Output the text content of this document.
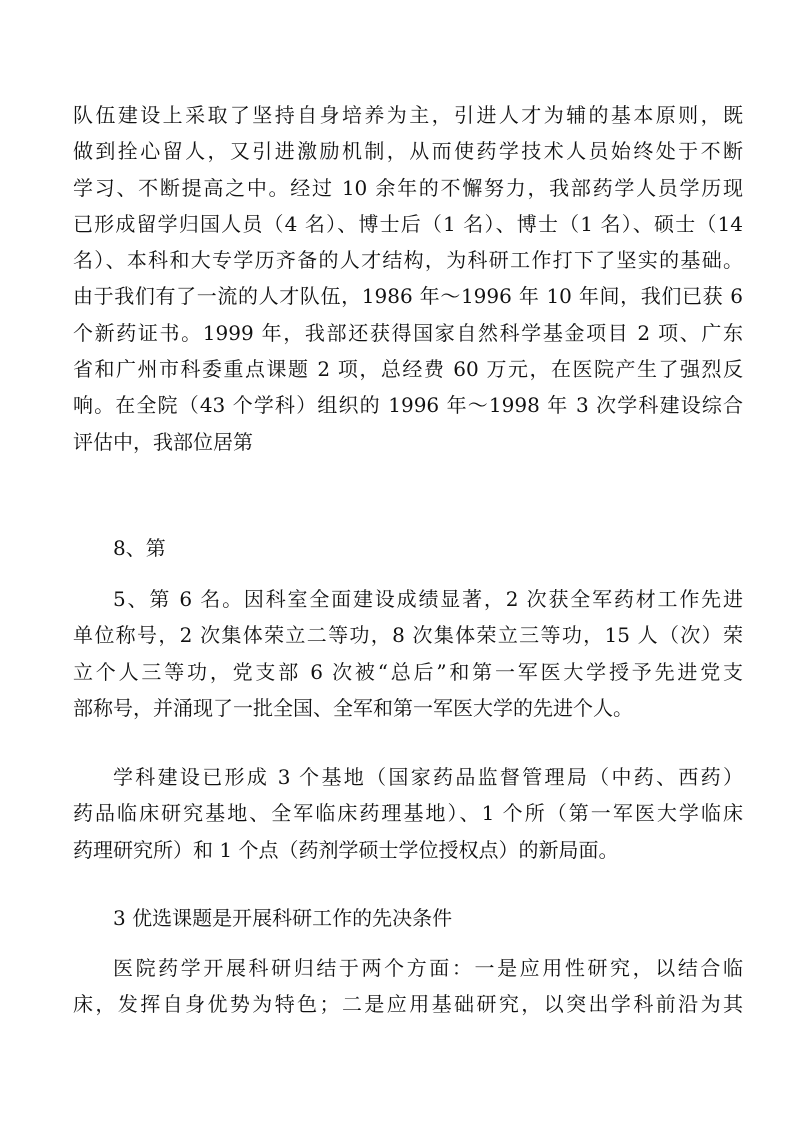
队伍建设上采取了坚持自身培养为主，引进人才为辅的基本原则，既
做到拴心留人，又引进激励机制，从而使药学技术人员始终处于不断
学习、不断提高之中。经过 10 余年的不懈努力，我部药学人员学历现
已形成留学归国人员（4 名）、博士后（1 名）、博士（1 名）、硕士（14
名）、本科和大专学历齐备的人才结构，为科研工作打下了坚实的基础。
由于我们有了一流的人才队伍，1986 年～1996 年 10 年间，我们已获 6
个新药证书。1999 年，我部还获得国家自然科学基金项目 2 项、广东
省和广州市科委重点课题 2 项，总经费 60 万元，在医院产生了强烈反
响。在全院（43 个学科）组织的 1996 年～1998 年 3 次学科建设综合
评估中，我部位居第
8、第
5、第 6 名。因科室全面建设成绩显著，2 次获全军药材工作先进
单位称号，2 次集体荣立二等功，8 次集体荣立三等功，15 人（次）荣
立个人三等功，党支部 6 次被“总后”和第一军医大学授予先进党支
部称号，并涌现了一批全国、全军和第一军医大学的先进个人。
学科建设已形成 3 个基地（国家药品监督管理局（中药、西药）
药品临床研究基地、全军临床药理基地）、1 个所（第一军医大学临床
药理研究所）和 1 个点（药剂学硕士学位授权点）的新局面。
3 优选课题是开展科研工作的先决条件
医院药学开展科研归结于两个方面：一是应用性研究，以结合临
床，发挥自身优势为特色；二是应用基础研究，以突出学科前沿为其
